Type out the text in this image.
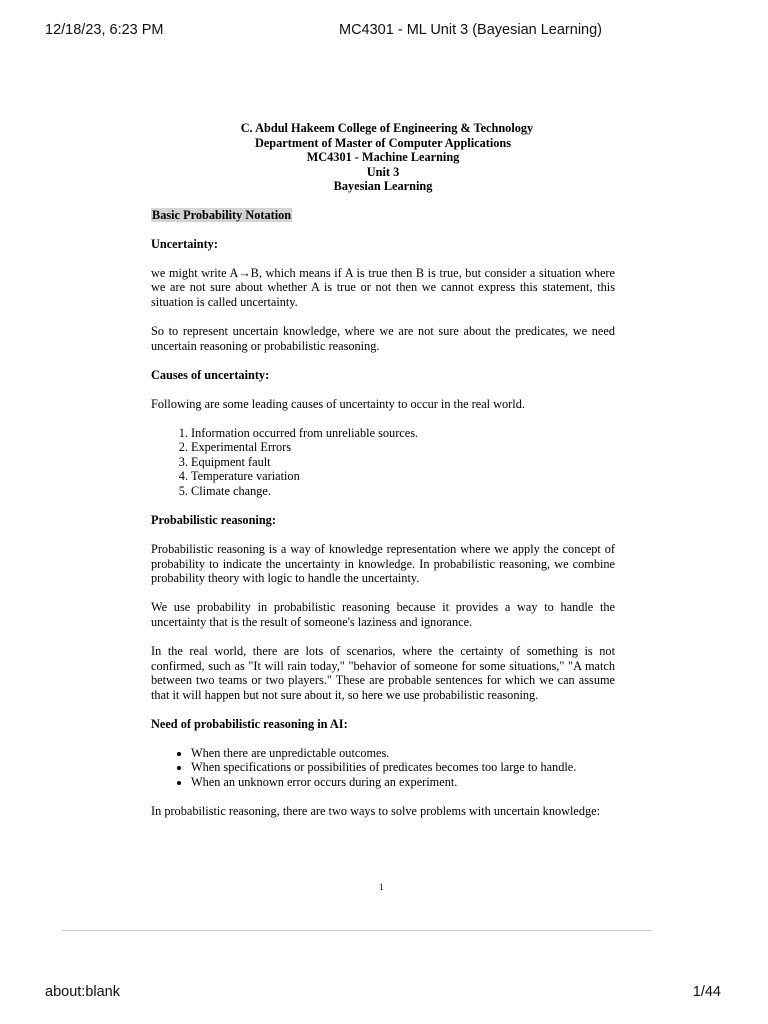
12/18/23, 6:23 PM	MC4301 - ML Unit 3 (Bayesian Learning)
C. Abdul Hakeem College of Engineering & Technology
Department of Master of Computer Applications
MC4301 - Machine Learning
Unit 3
Bayesian Learning
Basic Probability Notation
Uncertainty:

we might write A→B, which means if A is true then B is true, but consider a situation where we are not sure about whether A is true or not then we cannot express this statement, this situation is called uncertainty.

So to represent uncertain knowledge, where we are not sure about the predicates, we need uncertain reasoning or probabilistic reasoning.

Causes of uncertainty:

Following are some leading causes of uncertainty to occur in the real world.

1. Information occurred from unreliable sources.
2. Experimental Errors
3. Equipment fault
4. Temperature variation
5. Climate change.
Probabilistic reasoning:

Probabilistic reasoning is a way of knowledge representation where we apply the concept of probability to indicate the uncertainty in knowledge. In probabilistic reasoning, we combine probability theory with logic to handle the uncertainty.

We use probability in probabilistic reasoning because it provides a way to handle the uncertainty that is the result of someone's laziness and ignorance.

In the real world, there are lots of scenarios, where the certainty of something is not confirmed, such as "It will rain today," "behavior of someone for some situations," "A match between two teams or two players." These are probable sentences for which we can assume that it will happen but not sure about it, so here we use probabilistic reasoning.

Need of probabilistic reasoning in AI:
• When there are unpredictable outcomes.
• When specifications or possibilities of predicates becomes too large to handle.
• When an unknown error occurs during an experiment.

In probabilistic reasoning, there are two ways to solve problems with uncertain knowledge:

1
about:blank	1/44
